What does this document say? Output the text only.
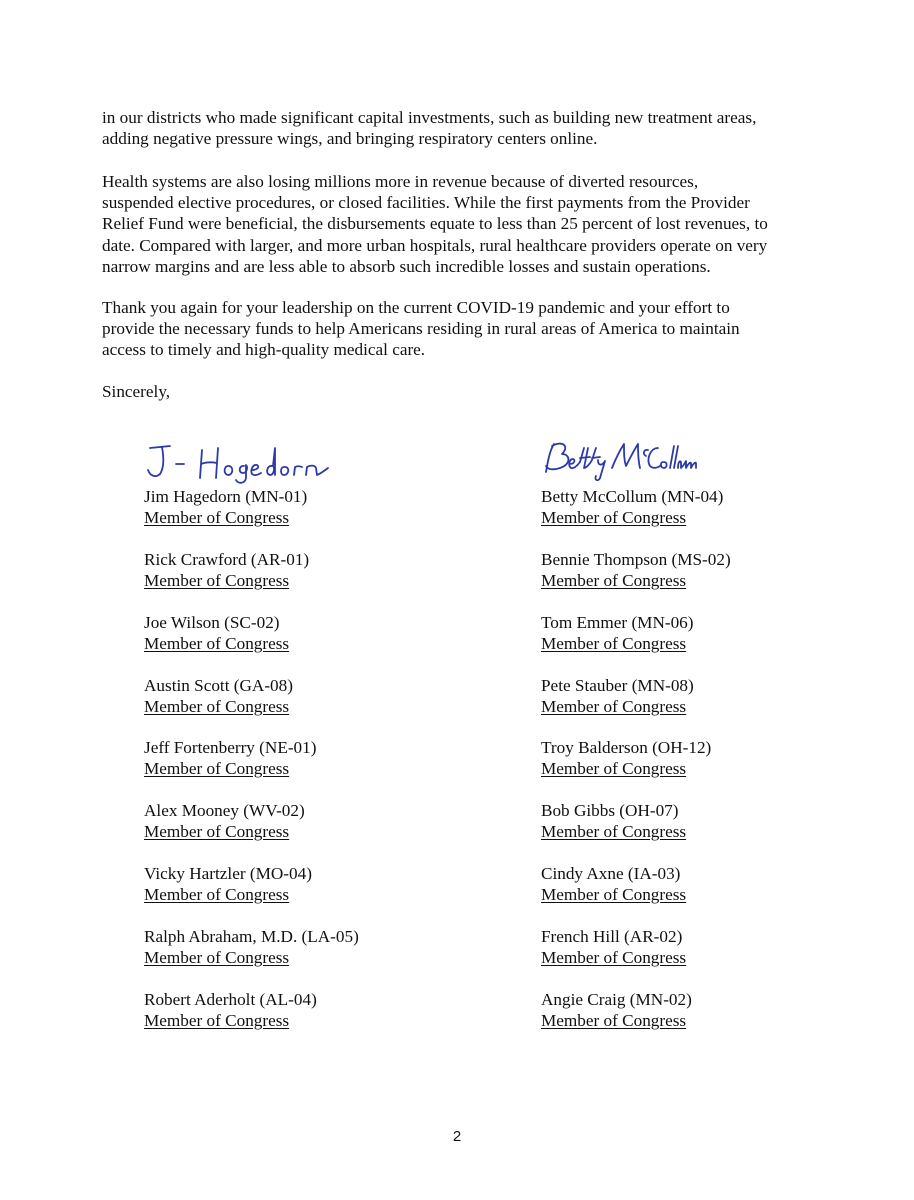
in our districts who made significant capital investments, such as building new treatment areas,
adding negative pressure wings, and bringing respiratory centers online.

Health systems are also losing millions more in revenue because of diverted resources,
suspended elective procedures, or closed facilities. While the first payments from the Provider
Relief Fund were beneficial, the disbursements equate to less than 25 percent of lost revenues, to
date. Compared with larger, and more urban hospitals, rural healthcare providers operate on very
narrow margins and are less able to absorb such incredible losses and sustain operations.

Thank you again for your leadership on the current COVID-19 pandemic and your effort to
provide the necessary funds to help Americans residing in rural areas of America to maintain
access to timely and high-quality medical care.

Sincerely,

Jim Hagedorn (MN-01)
Member of Congress
Rick Crawford (AR-01)
Member of Congress
Joe Wilson (SC-02)
Member of Congress
Austin Scott (GA-08)
Member of Congress
Jeff Fortenberry (NE-01)
Member of Congress
Alex Mooney (WV-02)
Member of Congress
Vicky Hartzler (MO-04)
Member of Congress
Ralph Abraham, M.D. (LA-05)
Member of Congress
Robert Aderholt (AL-04)
Member of Congress
Betty McCollum (MN-04)
Member of Congress
Bennie Thompson (MS-02)
Member of Congress
Tom Emmer (MN-06)
Member of Congress
Pete Stauber (MN-08)
Member of Congress
Troy Balderson (OH-12)
Member of Congress
Bob Gibbs (OH-07)
Member of Congress
Cindy Axne (IA-03)
Member of Congress
French Hill (AR-02)
Member of Congress
Angie Craig (MN-02)
Member of Congress
2
